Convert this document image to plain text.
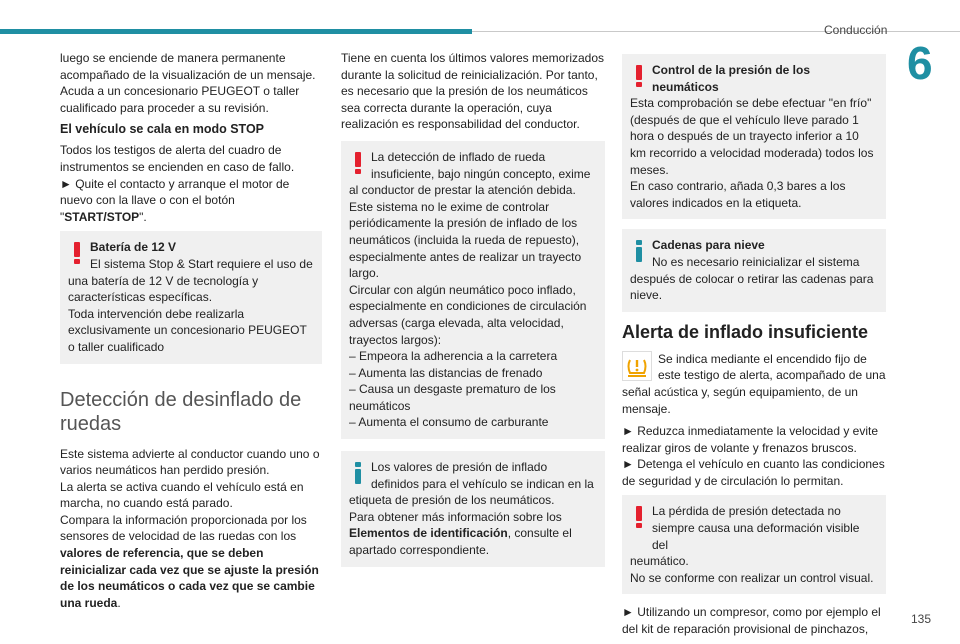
Conducción
6
135

luego se enciende de manera permanente acompañado de la visualización de un mensaje. Acuda a un concesionario PEUGEOT o taller cualificado para proceder a su revisión.

El vehículo se cala en modo STOP

Todos los testigos de alerta del cuadro de instrumentos se encienden en caso de fallo.

► Quite el contacto y arranque el motor de nuevo con la llave o con el botón "START/STOP".

Batería de 12 V
El sistema Stop & Start requiere el uso de una batería de 12 V de tecnología y características específicas.
Toda intervención debe realizarla exclusivamente un concesionario PEUGEOT o taller cualificado
Detección de desinflado de ruedas

Este sistema advierte al conductor cuando uno o varios neumáticos han perdido presión.

La alerta se activa cuando el vehículo está en marcha, no cuando está parado.

Compara la información proporcionada por los sensores de velocidad de las ruedas con los valores de referencia, que se deben reinicializar cada vez que se ajuste la presión de los neumáticos o cada vez que se cambie una rueda.

Tiene en cuenta los últimos valores memorizados durante la solicitud de reinicialización. Por tanto, es necesario que la presión de los neumáticos sea correcta durante la operación, cuya realización es responsabilidad del conductor.

La detección de inflado de rueda insuficiente, bajo ningún concepto, exime
al conductor de prestar la atención debida. Este sistema no le exime de controlar periódicamente la presión de inflado de los neumáticos (incluida la rueda de repuesto), especialmente antes de realizar un trayecto largo.
Circular con algún neumático poco inflado, especialmente en condiciones de circulación adversas (carga elevada, alta velocidad, trayectos largos):
– Empeora la adherencia a la carretera
– Aumenta las distancias de frenado
– Causa un desgaste prematuro de los neumáticos
– Aumenta el consumo de carburante
Los valores de presión de inflado definidos para el vehículo se indican en la
etiqueta de presión de los neumáticos.
Para obtener más información sobre los Elementos de identificación, consulte el apartado correspondiente.
Control de la presión de los neumáticos
Esta comprobación se debe efectuar "en frío"(después de que el vehículo lleve parado 1 hora o después de un trayecto inferior a 10 km recorrido a velocidad moderada) todos los meses.
En caso contrario, añada 0,3 bares a los valores indicados en la etiqueta.
Cadenas para nieve
No es necesario reinicializar el sistema después de colocar o retirar las cadenas para nieve.
Alerta de inflado insuficiente

Se indica mediante el encendido fijo de este testigo de alerta, acompañado de una señal acústica y, según equipamiento, de un mensaje.

► Reduzca inmediatamente la velocidad y evite realizar giros de volante y frenazos bruscos.

► Detenga el vehículo en cuanto las condiciones de seguridad y de circulación lo permitan.

La pérdida de presión detectada no siempre causa una deformación visible del
neumático.
No se conforme con realizar un control visual.

► Utilizando un compresor, como por ejemplo el del kit de reparación provisional de pinchazos,
